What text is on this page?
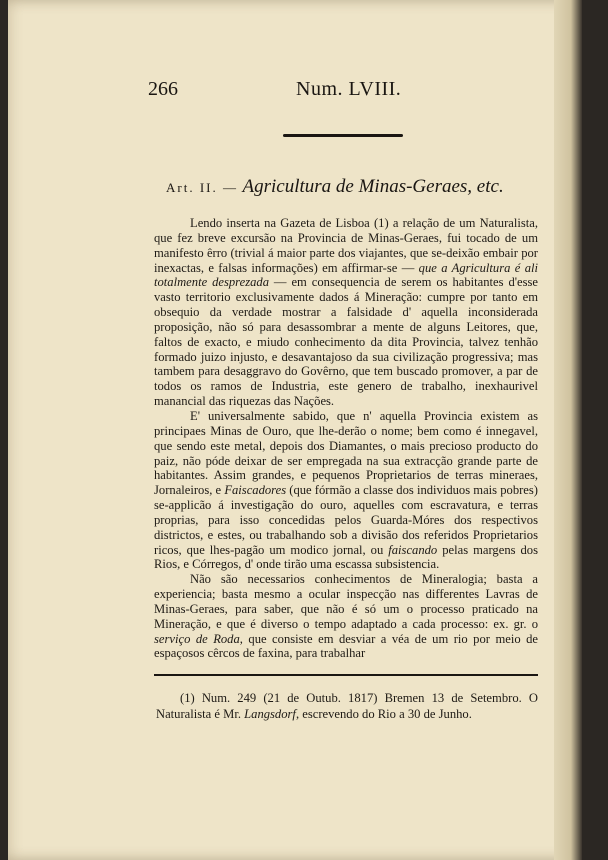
266	Num. LVIII.
Art. II. — Agricultura de Minas-Geraes, etc.

Lendo inserta na Gazeta de Lisboa (1) a relação de um Naturalista, que fez breve excursão na Provincia de Minas-Geraes, fui tocado de um manifesto êrro (trivial á maior parte dos viajantes, que se-deixão embair por inexactas, e falsas informações) em affirmar-se — que a Agricultura é ali totalmente desprezada — em consequencia de serem os habitantes d'esse vasto territorio exclusivamente dados á Mineração: cumpre por tanto em obsequio da verdade mostrar a falsidade d' aquella inconsiderada proposição, não só para desassombrar a mente de alguns Leitores, que, faltos de exacto, e miudo conhecimento da dita Provincia, talvez tenhão formado juizo injusto, e desavantajoso da sua civilização progressiva; mas tambem para desaggravo do Govêrno, que tem buscado promover, a par de todos os ramos de Industria, este genero de trabalho, inexhaurivel manancial das riquezas das Nações.

E' universalmente sabido, que n' aquella Provincia existem as principaes Minas de Ouro, que lhe-derão o nome; bem como é innegavel, que sendo este metal, depois dos Diamantes, o mais precioso producto do paiz, não póde deixar de ser empregada na sua extracção grande parte de habitantes. Assim grandes, e pequenos Proprietarios de terras mineraes, Jornaleiros, e Faiscadores (que fórmão a classe dos individuos mais pobres) se-applicão á investigação do ouro, aquelles com escravatura, e terras proprias, para isso concedidas pelos Guarda-Móres dos respectivos districtos, e estes, ou trabalhando sob a divisão dos referidos Proprietarios ricos, que lhes-pagão um modico jornal, ou faiscando pelas margens dos Rios, e Córregos, d' onde tirão uma escassa subsistencia.

Não são necessarios conhecimentos de Mineralogia; basta a experiencia; basta mesmo a ocular inspecção nas differentes Lavras de Minas-Geraes, para saber, que não é só um o processo praticado na Mineração, e que é diverso o tempo adaptado a cada processo: ex. gr. o serviço de Roda, que consiste em desviar a véa de um rio por meio de espaçosos cêrcos de faxina, para trabalhar

(1) Num. 249 (21 de Outub. 1817) Bremen 13 de Setembro. O Naturalista é Mr. Langsdorf, escrevendo do Rio a 30 de Junho.
